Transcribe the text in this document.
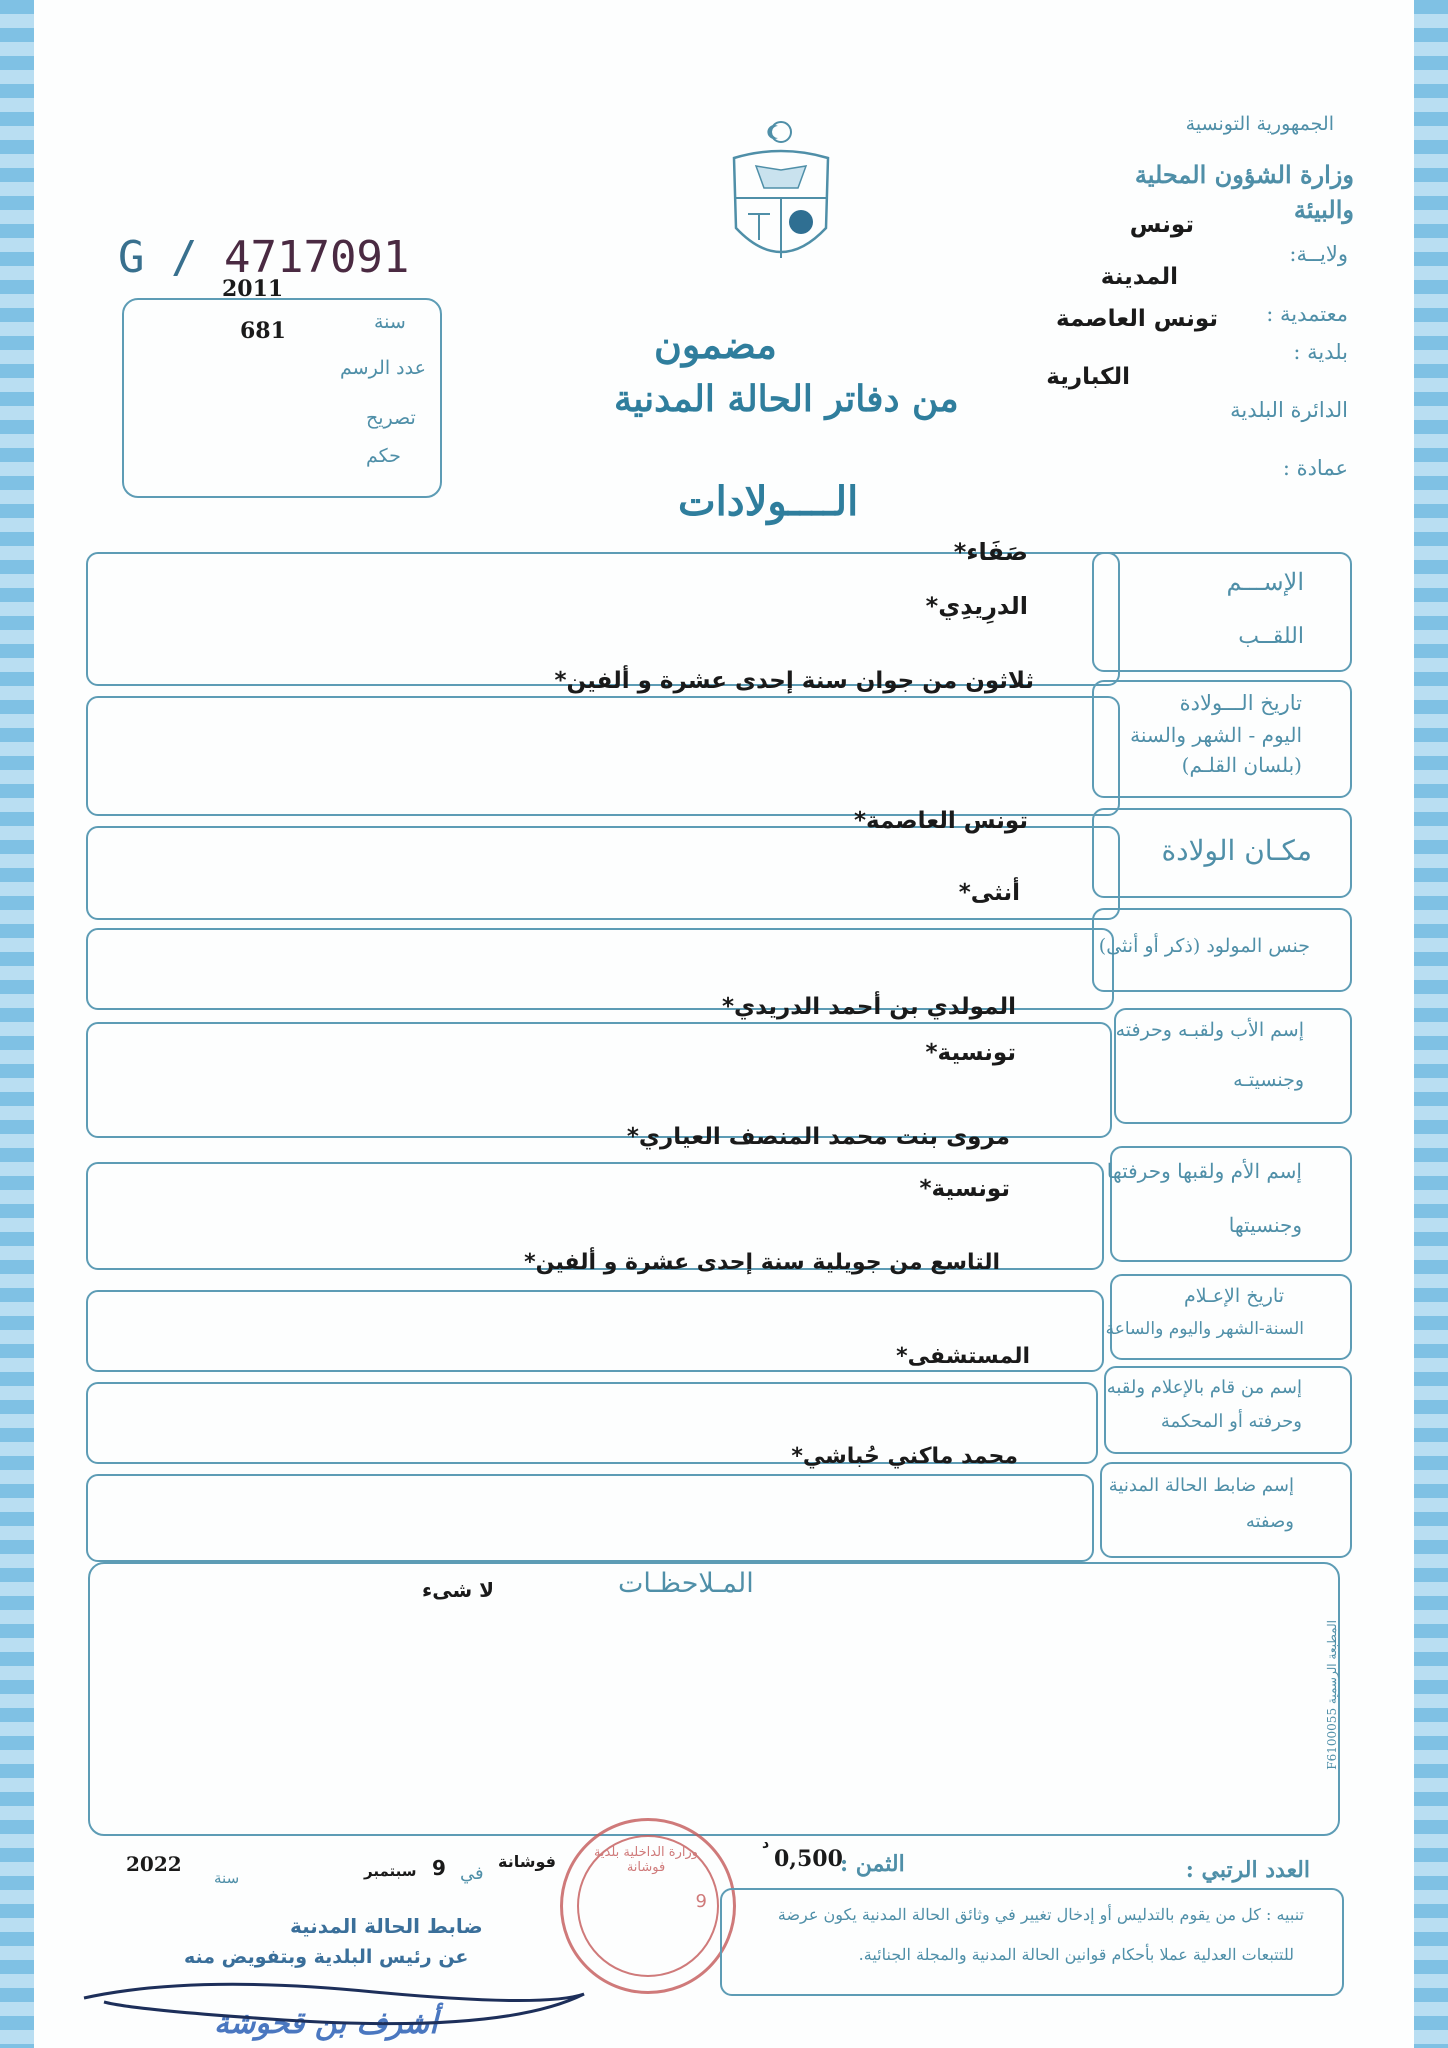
الجمهورية التونسية
وزارة الشؤون المحلية والبيئة
ولايــة:
تونس
معتمدية :
المدينة
بلدية :
تونس العاصمة
الدائرة البلدية
الكبارية
عمادة :
G / 4717091
2011
سنة
681
عدد الرسم
تصريح
حكم
مضمون
من دفاتر الحالة المدنية
الــــولادات
الإســـم
اللقــب
صَفَاء*
الدرِيدِي*
تاريخ الـــولادة
اليوم - الشهر والسنة
(بلسان القلـم)
ثلاثون من جوان سنة إحدى عشرة و ألفين*
مكـان الولادة
تونس العاصمة*
جنس المولود (ذكر أو أنثى)
أنثى*
إسم الأب ولقبـه وحرفته
وجنسيتـه
المولدي بن أحمد الدريدي*
تونسية*
إسم الأم ولقبها وحرفتها
وجنسيتها
مروى بنت محمد المنصف العياري*
تونسية*
تاريخ الإعـلام
السنة-الشهر واليوم والساعة
التاسع من جويلية سنة إحدى عشرة و ألفين*
إسم من قام بالإعلام ولقبه
وحرفته أو المحكمة
المستشفى*
إسم ضابط الحالة المدنية
وصفته
محمد ماكني حُباشي*
المـلاحظـات
لا شىء
المطبعة الرسمية F6100055
العدد الرتبي :
الثمن :
0,500
د
فوشانة
في
9
سبتمبر
سنة
2022	وزارة الداخلية بلدية فوشانة
9
ضابط الحالة المدنية
عن رئيس البلدية وبتفويض منه
أشرف بن قحوشة
تنبيه : كل من يقوم بالتدليس أو إدخال تغيير في وثائق الحالة المدنية يكون عرضة
للتتبعات العدلية عملا بأحكام قوانين الحالة المدنية والمجلة الجنائية.
